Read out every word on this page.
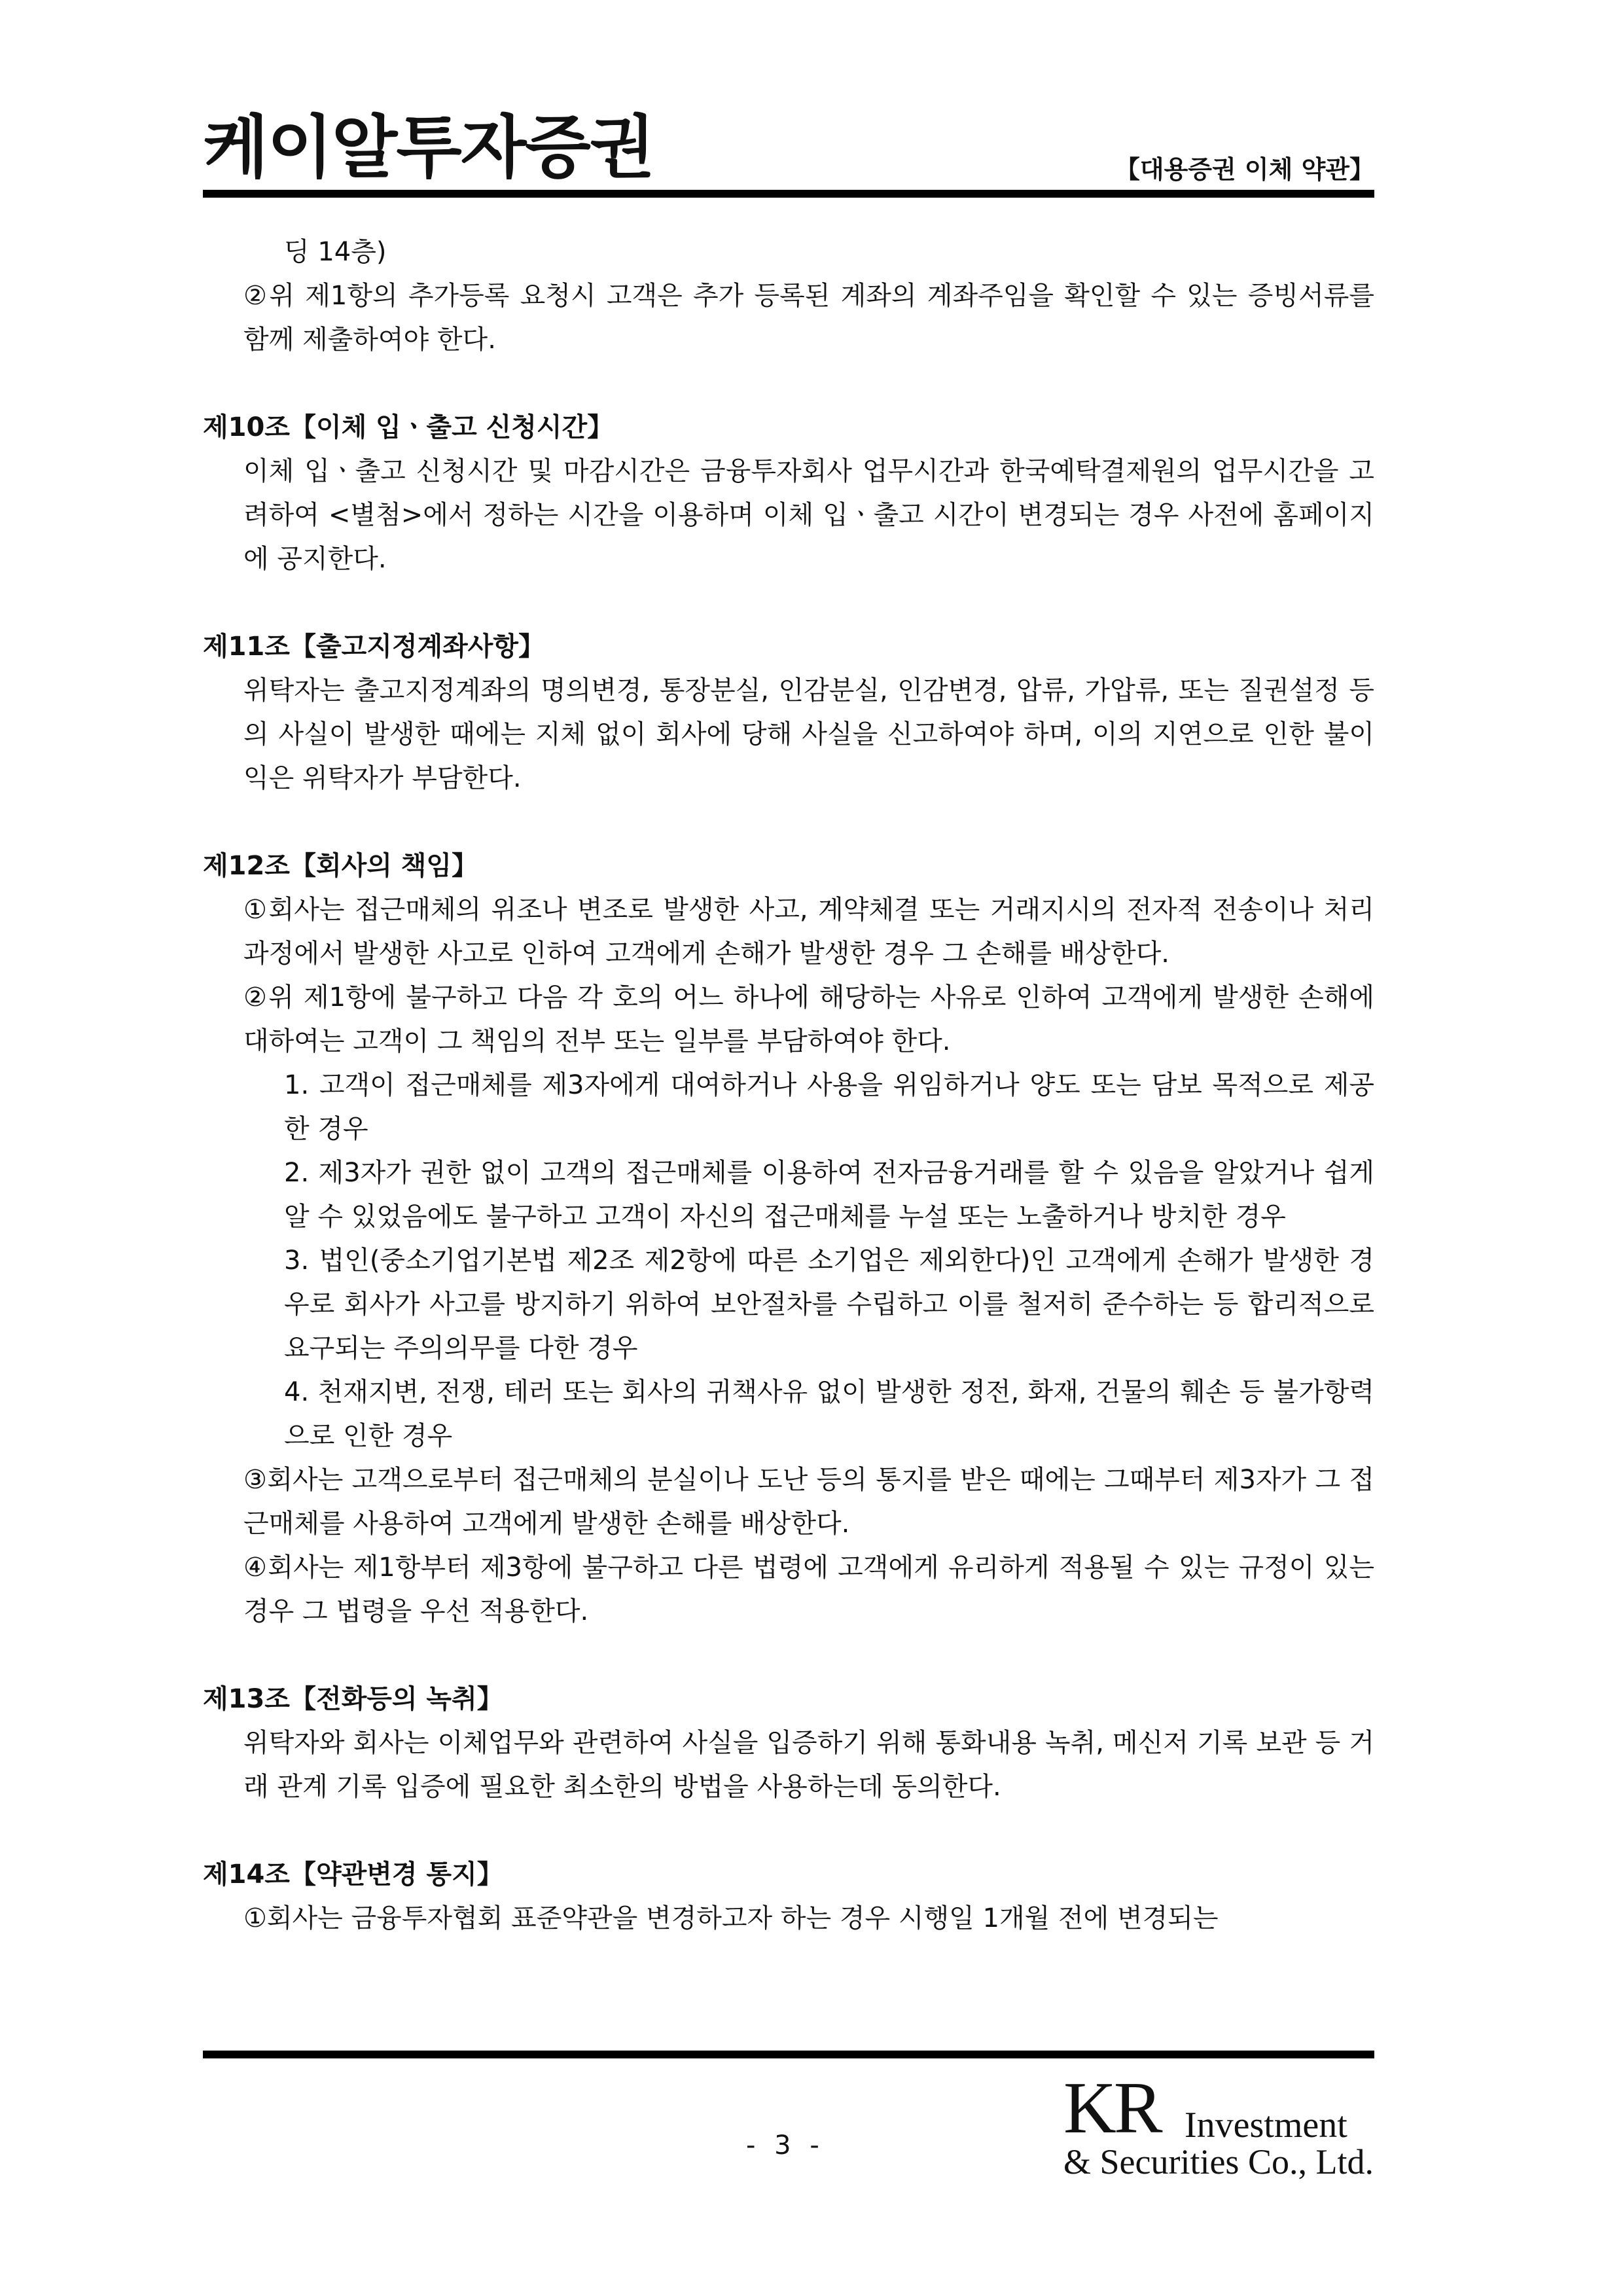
케이알투자증권	【대용증권 이체 약관】

딩 14층)

②위 제1항의 추가등록 요청시 고객은 추가 등록된 계좌의 계좌주임을 확인할 수 있는 증빙서류를 함께 제출하여야 한다.

제10조【이체 입ㆍ출고 신청시간】

이체 입ㆍ출고 신청시간 및 마감시간은 금융투자회사 업무시간과 한국예탁결제원의 업무시간을 고려하여 <별첨>에서 정하는 시간을 이용하며 이체 입ㆍ출고 시간이 변경되는 경우 사전에 홈페이지에 공지한다.

제11조【출고지정계좌사항】

위탁자는 출고지정계좌의 명의변경, 통장분실, 인감분실, 인감변경, 압류, 가압류, 또는 질권설정 등의 사실이 발생한 때에는 지체 없이 회사에 당해 사실을 신고하여야 하며, 이의 지연으로 인한 불이익은 위탁자가 부담한다.

제12조【회사의 책임】

①회사는 접근매체의 위조나 변조로 발생한 사고, 계약체결 또는 거래지시의 전자적 전송이나 처리과정에서 발생한 사고로 인하여 고객에게 손해가 발생한 경우 그 손해를 배상한다.

②위 제1항에 불구하고 다음 각 호의 어느 하나에 해당하는 사유로 인하여 고객에게 발생한 손해에 대하여는 고객이 그 책임의 전부 또는 일부를 부담하여야 한다.

1. 고객이 접근매체를 제3자에게 대여하거나 사용을 위임하거나 양도 또는 담보 목적으로 제공한 경우

2. 제3자가 권한 없이 고객의 접근매체를 이용하여 전자금융거래를 할 수 있음을 알았거나 쉽게 알 수 있었음에도 불구하고 고객이 자신의 접근매체를 누설 또는 노출하거나 방치한 경우

3. 법인(중소기업기본법 제2조 제2항에 따른 소기업은 제외한다)인 고객에게 손해가 발생한 경우로 회사가 사고를 방지하기 위하여 보안절차를 수립하고 이를 철저히 준수하는 등 합리적으로 요구되는 주의의무를 다한 경우

4. 천재지변, 전쟁, 테러 또는 회사의 귀책사유 없이 발생한 정전, 화재, 건물의 훼손 등 불가항력으로 인한 경우

③회사는 고객으로부터 접근매체의 분실이나 도난 등의 통지를 받은 때에는 그때부터 제3자가 그 접근매체를 사용하여 고객에게 발생한 손해를 배상한다.

④회사는 제1항부터 제3항에 불구하고 다른 법령에 고객에게 유리하게 적용될 수 있는 규정이 있는 경우 그 법령을 우선 적용한다.

제13조【전화등의 녹취】

위탁자와 회사는 이체업무와 관련하여 사실을 입증하기 위해 통화내용 녹취, 메신저 기록 보관 등 거래 관계 기록 입증에 필요한 최소한의 방법을 사용하는데 동의한다.

제14조【약관변경 통지】

①회사는 금융투자협회 표준약관을 변경하고자 하는 경우 시행일 1개월 전에 변경되는

- 3 -	KR Investment
& Securities Co., Ltd.
